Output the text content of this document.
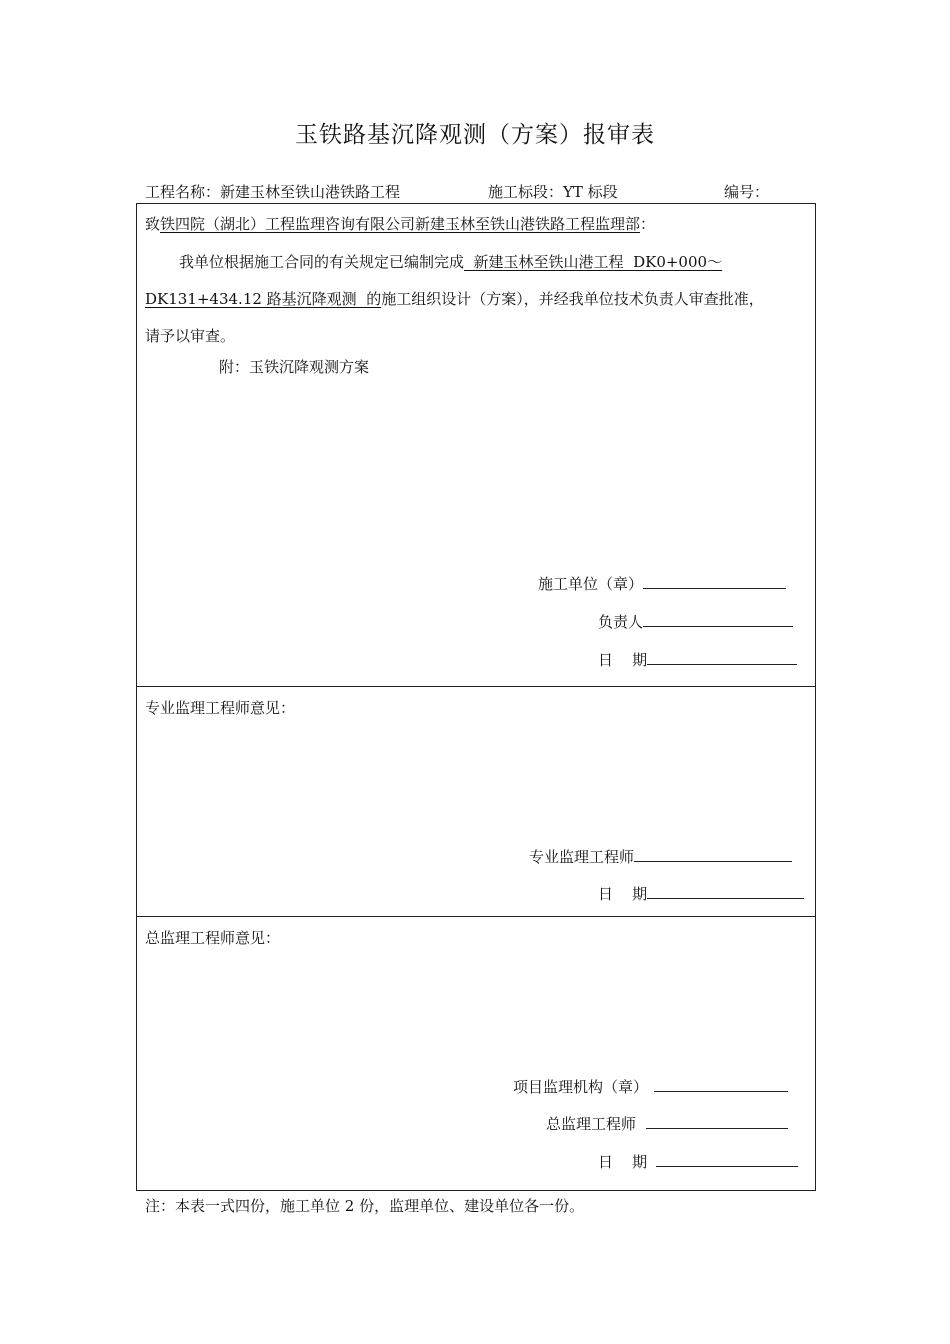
玉铁路基沉降观测（方案）报审表
工程名称：新建玉林至铁山港铁路工程	施工标段：YT 标段	编号：
致铁四院（湖北）工程监理咨询有限公司新建玉林至铁山港铁路工程监理部：
我单位根据施工合同的有关规定已编制完成  新建玉林至铁山港工程  DK0+000～
DK131+434.12 路基沉降观测  的施工组织设计（方案），并经我单位技术负责人审查批准，
请予以审查。
附：玉铁沉降观测方案
施工单位（章）
负责人
日    期
专业监理工程师意见：
专业监理工程师
日    期
总监理工程师意见：
项目监理机构（章）
总监理工程师
日    期
注：本表一式四份，施工单位 2 份，监理单位、建设单位各一份。
